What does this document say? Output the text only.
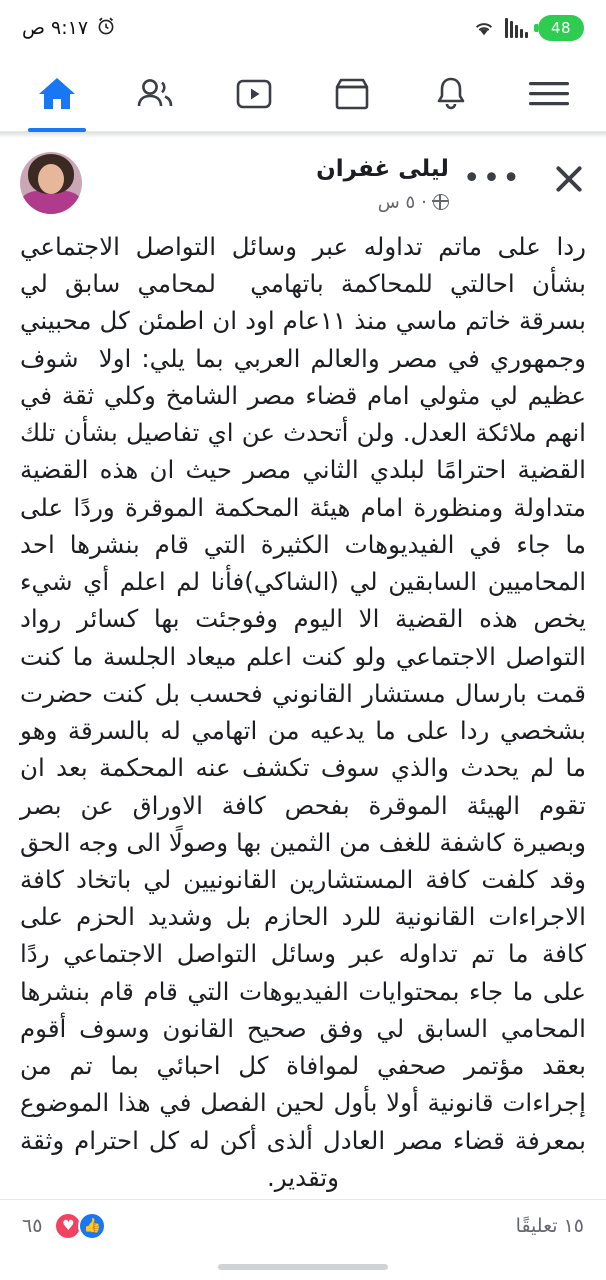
48
٩:١٧ ص
•••
ليلى غفران
·
٥ س
ردا على ماتم تداوله عبر وسائل التواصل الاجتماعي بشأن احالتي للمحاكمة باتهامي  لمحامي سابق لي بسرقة خاتم ماسي منذ ١١عام اود ان اطمئن كل محبيني وجمهوري في مصر والعالم العربي بما يلي: اولا  شوف عظيم لي مثولي امام قضاء مصر الشامخ وكلي ثقة في انهم ملائكة العدل. ولن أتحدث عن اي تفاصيل بشأن تلك القضية احترامًا لبلدي الثاني مصر حيث ان هذه القضية متداولة ومنظورة امام هيئة المحكمة الموقرة وردًا على ما جاء في الفيديوهات الكثيرة التي قام بنشرها احد المحاميين السابقين لي (الشاكي)فأنا لم اعلم أي شيء يخص هذه القضية الا اليوم وفوجئت بها كسائر رواد التواصل الاجتماعي ولو كنت اعلم ميعاد الجلسة ما كنت  قمت بارسال مستشار القانوني فحسب بل كنت حضرت بشخصي ردا على ما يدعيه من اتهامي له بالسرقة وهو ما لم يحدث والذي سوف تكشف عنه المحكمة بعد ان تقوم الهيئة الموقرة بفحص كافة الاوراق عن بصر وبصيرة كاشفة للغف من الثمين بها وصولًا الى وجه الحق وقد كلفت كافة المستشارين القانونيين لي باتخاد كافة الاجراءات القانونية للرد الحازم بل وشديد الحزم على كافة ما تم تداوله عبر وسائل التواصل الاجتماعي ردًا على ما جاء بمحتوايات الفيديوهات التي قام قام بنشرها المحامي السابق لي وفق صحيح القانون وسوف أقوم بعقد مؤتمر صحفي لموافاة كل احبائي بما تم من إجراءات قانونية أولا بأول لحين الفصل في هذا الموضوع بمعرفة قضاء مصر العادل ألذى أكن له كل احترام وثقة وتقدير.
١٥ تعليقًا
٦٥	♥ 👍
